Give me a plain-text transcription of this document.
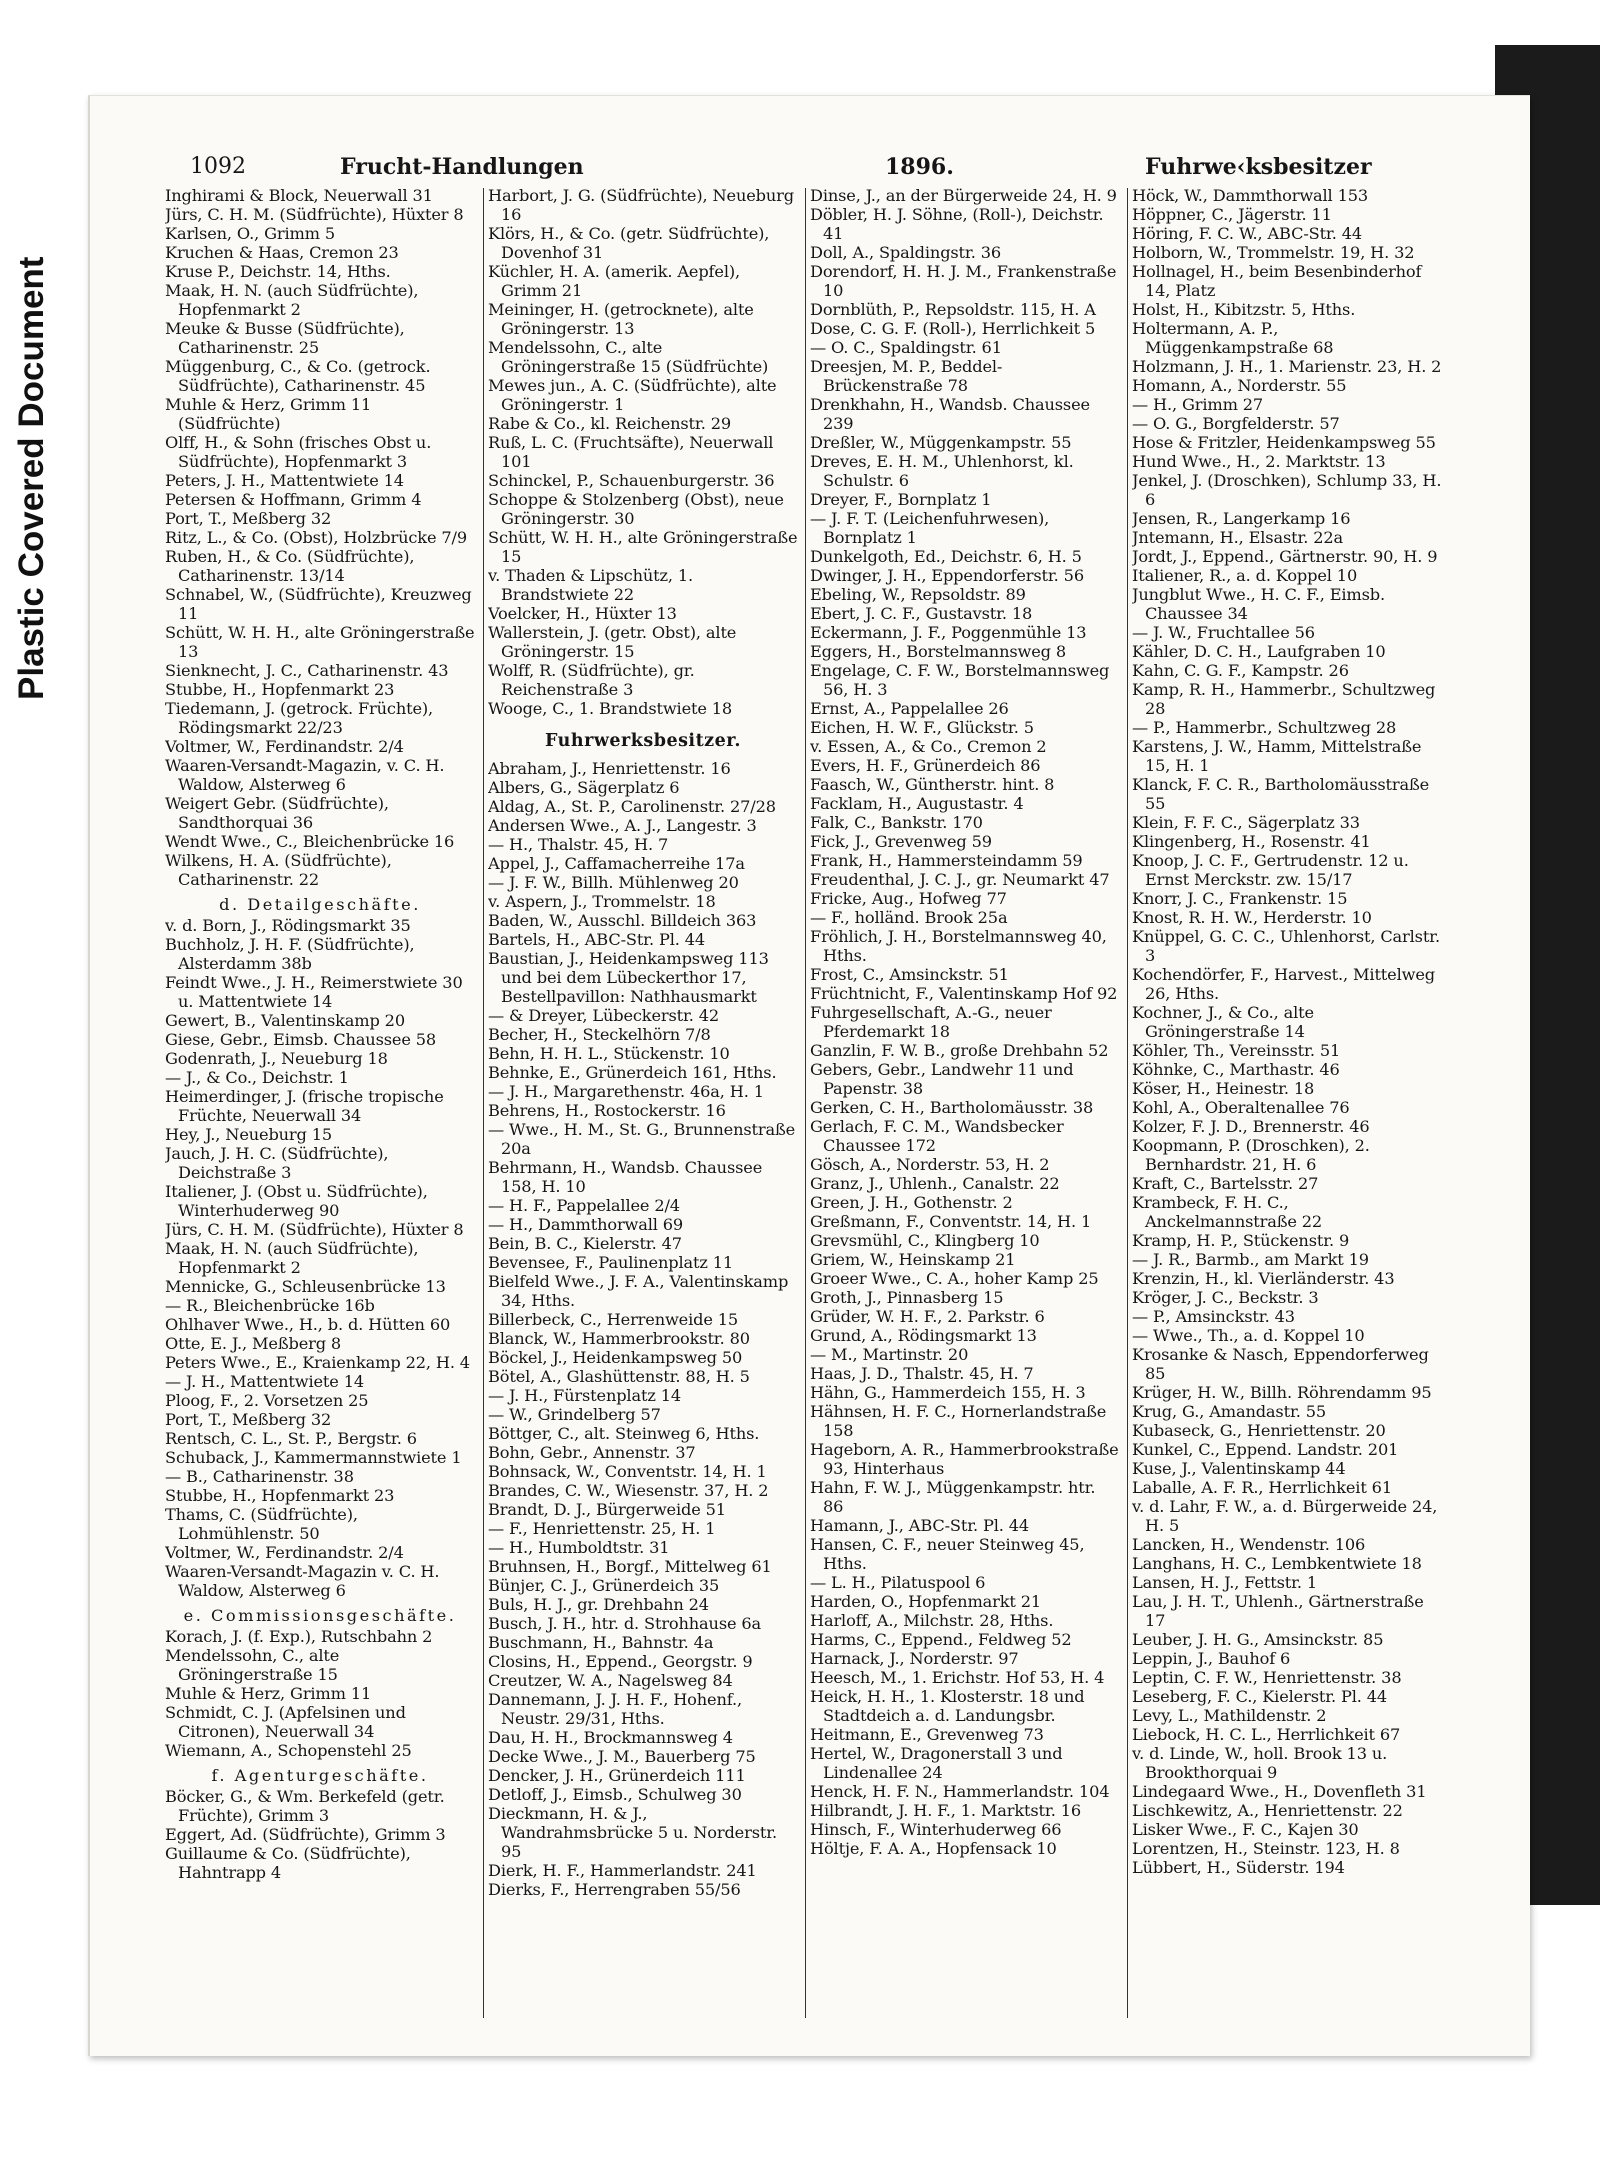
Plastic Covered Document
1092	Frucht-Handlungen	1896.	Fuhrwe‹ksbesitzer

Inghirami & Block, Neuerwall 31

Jürs, C. H. M. (Südfrüchte), Hüxter 8

Karlsen, O., Grimm 5

Kruchen & Haas, Cremon 23

Kruse P., Deichstr. 14, Hths.

Maak, H. N. (auch Südfrüchte), Hopfenmarkt 2

Meuke & Busse (Südfrüchte), Catharinenstr. 25

Müggenburg, C., & Co. (getrock. Südfrüchte), Catharinenstr. 45

Muhle & Herz, Grimm 11 (Südfrüchte)

Olff, H., & Sohn (frisches Obst u. Südfrüchte), Hopfenmarkt 3

Peters, J. H., Mattentwiete 14

Petersen & Hoffmann, Grimm 4

Port, T., Meßberg 32

Ritz, L., & Co. (Obst), Holzbrücke 7/9

Ruben, H., & Co. (Südfrüchte), Catharinenstr. 13/14

Schnabel, W., (Südfrüchte), Kreuzweg 11

Schütt, W. H. H., alte Gröningerstraße 13

Sienknecht, J. C., Catharinenstr. 43

Stubbe, H., Hopfenmarkt 23

Tiedemann, J. (getrock. Früchte), Rödingsmarkt 22/23

Voltmer, W., Ferdinandstr. 2/4

Waaren-Versandt-Magazin, v. C. H. Waldow, Alsterweg 6

Weigert Gebr. (Südfrüchte), Sandthorquai 36

Wendt Wwe., C., Bleichenbrücke 16

Wilkens, H. A. (Südfrüchte), Catharinenstr. 22

d. Detailgeschäfte.

v. d. Born, J., Rödingsmarkt 35

Buchholz, J. H. F. (Südfrüchte), Alsterdamm 38b

Feindt Wwe., J. H., Reimerstwiete 30 u. Mattentwiete 14

Gewert, B., Valentinskamp 20

Giese, Gebr., Eimsb. Chaussee 58

Godenrath, J., Neueburg 18

— J., & Co., Deichstr. 1

Heimerdinger, J. (frische tropische Früchte, Neuerwall 34

Hey, J., Neueburg 15

Jauch, J. H. C. (Südfrüchte), Deichstraße 3

Italiener, J. (Obst u. Südfrüchte), Winterhuderweg 90

Jürs, C. H. M. (Südfrüchte), Hüxter 8

Maak, H. N. (auch Südfrüchte), Hopfenmarkt 2

Mennicke, G., Schleusenbrücke 13

— R., Bleichenbrücke 16b

Ohlhaver Wwe., H., b. d. Hütten 60

Otte, E. J., Meßberg 8

Peters Wwe., E., Kraienkamp 22, H. 4

— J. H., Mattentwiete 14

Ploog, F., 2. Vorsetzen 25

Port, T., Meßberg 32

Rentsch, C. L., St. P., Bergstr. 6

Schuback, J., Kammermannstwiete 1

— B., Catharinenstr. 38

Stubbe, H., Hopfenmarkt 23

Thams, C. (Südfrüchte), Lohmühlenstr. 50

Voltmer, W., Ferdinandstr. 2/4

Waaren-Versandt-Magazin v. C. H. Waldow, Alsterweg 6

e. Commissionsgeschäfte.

Korach, J. (f. Exp.), Rutschbahn 2

Mendelssohn, C., alte Gröningerstraße 15

Muhle & Herz, Grimm 11

Schmidt, C. J. (Apfelsinen und Citronen), Neuerwall 34

Wiemann, A., Schopenstehl 25

f. Agenturgeschäfte.

Böcker, G., & Wm. Berkefeld (getr. Früchte), Grimm 3

Eggert, Ad. (Südfrüchte), Grimm 3

Guillaume & Co. (Südfrüchte), Hahntrapp 4

Harbort, J. G. (Südfrüchte), Neueburg 16

Klörs, H., & Co. (getr. Südfrüchte), Dovenhof 31

Küchler, H. A. (amerik. Aepfel), Grimm 21

Meininger, H. (getrocknete), alte Gröningerstr. 13

Mendelssohn, C., alte Gröningerstraße 15 (Südfrüchte)

Mewes jun., A. C. (Südfrüchte), alte Gröningerstr. 1

Rabe & Co., kl. Reichenstr. 29

Ruß, L. C. (Fruchtsäfte), Neuerwall 101

Schinckel, P., Schauenburgerstr. 36

Schoppe & Stolzenberg (Obst), neue Gröningerstr. 30

Schütt, W. H. H., alte Gröningerstraße 15

v. Thaden & Lipschütz, 1. Brandstwiete 22

Voelcker, H., Hüxter 13

Wallerstein, J. (getr. Obst), alte Gröningerstr. 15

Wolff, R. (Südfrüchte), gr. Reichenstraße 3

Wooge, C., 1. Brandstwiete 18

Fuhrwerksbesitzer.

Abraham, J., Henriettenstr. 16

Albers, G., Sägerplatz 6

Aldag, A., St. P., Carolinenstr. 27/28

Andersen Wwe., A. J., Langestr. 3

— H., Thalstr. 45, H. 7

Appel, J., Caffamacherreihe 17a

— J. F. W., Billh. Mühlenweg 20

v. Aspern, J., Trommelstr. 18

Baden, W., Ausschl. Billdeich 363

Bartels, H., ABC-Str. Pl. 44

Baustian, J., Heidenkampsweg 113 und bei dem Lübeckerthor 17, Bestellpavillon: Nathhausmarkt

— & Dreyer, Lübeckerstr. 42

Becher, H., Steckelhörn 7/8

Behn, H. H. L., Stückenstr. 10

Behnke, E., Grünerdeich 161, Hths.

— J. H., Margarethenstr. 46a, H. 1

Behrens, H., Rostockerstr. 16

— Wwe., H. M., St. G., Brunnenstraße 20a

Behrmann, H., Wandsb. Chaussee 158, H. 10

— H. F., Pappelallee 2/4

— H., Dammthorwall 69

Bein, B. C., Kielerstr. 47

Bevensee, F., Paulinenplatz 11

Bielfeld Wwe., J. F. A., Valentinskamp 34, Hths.

Billerbeck, C., Herrenweide 15

Blanck, W., Hammerbrookstr. 80

Böckel, J., Heidenkampsweg 50

Bötel, A., Glashüttenstr. 88, H. 5

— J. H., Fürstenplatz 14

— W., Grindelberg 57

Böttger, C., alt. Steinweg 6, Hths.

Bohn, Gebr., Annenstr. 37

Bohnsack, W., Conventstr. 14, H. 1

Brandes, C. W., Wiesenstr. 37, H. 2

Brandt, D. J., Bürgerweide 51

— F., Henriettenstr. 25, H. 1

— H., Humboldtstr. 31

Bruhnsen, H., Borgf., Mittelweg 61

Bünjer, C. J., Grünerdeich 35

Buls, H. J., gr. Drehbahn 24

Busch, J. H., htr. d. Strohhause 6a

Buschmann, H., Bahnstr. 4a

Closins, H., Eppend., Georgstr. 9

Creutzer, W. A., Nagelsweg 84

Dannemann, J. J. H. F., Hohenf., Neustr. 29/31, Hths.

Dau, H. H., Brockmannsweg 4

Decke Wwe., J. M., Bauerberg 75

Dencker, J. H., Grünerdeich 111

Detloff, J., Eimsb., Schulweg 30

Dieckmann, H. & J., Wandrahmsbrücke 5 u. Norderstr. 95

Dierk, H. F., Hammerlandstr. 241

Dierks, F., Herrengraben 55/56

Dinse, J., an der Bürgerweide 24, H. 9

Döbler, H. J. Söhne, (Roll-), Deichstr. 41

Doll, A., Spaldingstr. 36

Dorendorf, H. H. J. M., Frankenstraße 10

Dornblüth, P., Repsoldstr. 115, H. A

Dose, C. G. F. (Roll-), Herrlichkeit 5

— O. C., Spaldingstr. 61

Dreesjen, M. P., Beddel-Brückenstraße 78

Drenkhahn, H., Wandsb. Chaussee 239

Dreßler, W., Müggenkampstr. 55

Dreves, E. H. M., Uhlenhorst, kl. Schulstr. 6

Dreyer, F., Bornplatz 1

— J. F. T. (Leichenfuhrwesen), Bornplatz 1

Dunkelgoth, Ed., Deichstr. 6, H. 5

Dwinger, J. H., Eppendorferstr. 56

Ebeling, W., Repsoldstr. 89

Ebert, J. C. F., Gustavstr. 18

Eckermann, J. F., Poggenmühle 13

Eggers, H., Borstelmannsweg 8

Engelage, C. F. W., Borstelmannsweg 56, H. 3

Ernst, A., Pappelallee 26

Eichen, H. W. F., Glückstr. 5

v. Essen, A., & Co., Cremon 2

Evers, H. F., Grünerdeich 86

Faasch, W., Güntherstr. hint. 8

Facklam, H., Augustastr. 4

Falk, C., Bankstr. 170

Fick, J., Grevenweg 59

Frank, H., Hammersteindamm 59

Freudenthal, J. C. J., gr. Neumarkt 47

Fricke, Aug., Hofweg 77

— F., holländ. Brook 25a

Fröhlich, J. H., Borstelmannsweg 40, Hths.

Frost, C., Amsinckstr. 51

Früchtnicht, F., Valentinskamp Hof 92

Fuhrgesellschaft, A.-G., neuer Pferdemarkt 18

Ganzlin, F. W. B., große Drehbahn 52

Gebers, Gebr., Landwehr 11 und Papenstr. 38

Gerken, C. H., Bartholomäusstr. 38

Gerlach, F. C. M., Wandsbecker Chaussee 172

Gösch, A., Norderstr. 53, H. 2

Granz, J., Uhlenh., Canalstr. 22

Green, J. H., Gothenstr. 2

Greßmann, F., Conventstr. 14, H. 1

Grevsmühl, C., Klingberg 10

Griem, W., Heinskamp 21

Groeer Wwe., C. A., hoher Kamp 25

Groth, J., Pinnasberg 15

Grüder, W. H. F., 2. Parkstr. 6

Grund, A., Rödingsmarkt 13

— M., Martinstr. 20

Haas, J. D., Thalstr. 45, H. 7

Hähn, G., Hammerdeich 155, H. 3

Hähnsen, H. F. C., Hornerlandstraße 158

Hageborn, A. R., Hammerbrookstraße 93, Hinterhaus

Hahn, F. W. J., Müggenkampstr. htr. 86

Hamann, J., ABC-Str. Pl. 44

Hansen, C. F., neuer Steinweg 45, Hths.

— L. H., Pilatuspool 6

Harden, O., Hopfenmarkt 21

Harloff, A., Milchstr. 28, Hths.

Harms, C., Eppend., Feldweg 52

Harnack, J., Norderstr. 97

Heesch, M., 1. Erichstr. Hof 53, H. 4

Heick, H. H., 1. Klosterstr. 18 und Stadtdeich a. d. Landungsbr.

Heitmann, E., Grevenweg 73

Hertel, W., Dragonerstall 3 und Lindenallee 24

Henck, H. F. N., Hammerlandstr. 104

Hilbrandt, J. H. F., 1. Marktstr. 16

Hinsch, F., Winterhuderweg 66

Höltje, F. A. A., Hopfensack 10

Höck, W., Dammthorwall 153

Höppner, C., Jägerstr. 11

Höring, F. C. W., ABC-Str. 44

Holborn, W., Trommelstr. 19, H. 32

Hollnagel, H., beim Besenbinderhof 14, Platz

Holst, H., Kibitzstr. 5, Hths.

Holtermann, A. P., Müggenkampstraße 68

Holzmann, J. H., 1. Marienstr. 23, H. 2

Homann, A., Norderstr. 55

— H., Grimm 27

— O. G., Borgfelderstr. 57

Hose & Fritzler, Heidenkampsweg 55

Hund Wwe., H., 2. Marktstr. 13

Jenkel, J. (Droschken), Schlump 33, H. 6

Jensen, R., Langerkamp 16

Jntemann, H., Elsastr. 22a

Jordt, J., Eppend., Gärtnerstr. 90, H. 9

Italiener, R., a. d. Koppel 10

Jungblut Wwe., H. C. F., Eimsb. Chaussee 34

— J. W., Fruchtallee 56

Kähler, D. C. H., Laufgraben 10

Kahn, C. G. F., Kampstr. 26

Kamp, R. H., Hammerbr., Schultzweg 28

— P., Hammerbr., Schultzweg 28

Karstens, J. W., Hamm, Mittelstraße 15, H. 1

Klanck, F. C. R., Bartholomäusstraße 55

Klein, F. F. C., Sägerplatz 33

Klingenberg, H., Rosenstr. 41

Knoop, J. C. F., Gertrudenstr. 12 u. Ernst Merckstr. zw. 15/17

Knorr, J. C., Frankenstr. 15

Knost, R. H. W., Herderstr. 10

Knüppel, G. C. C., Uhlenhorst, Carlstr. 3

Kochendörfer, F., Harvest., Mittelweg 26, Hths.

Kochner, J., & Co., alte Gröningerstraße 14

Köhler, Th., Vereinsstr. 51

Köhnke, C., Marthastr. 46

Köser, H., Heinestr. 18

Kohl, A., Oberaltenallee 76

Kolzer, F. J. D., Brennerstr. 46

Koopmann, P. (Droschken), 2. Bernhardstr. 21, H. 6

Kraft, C., Bartelsstr. 27

Krambeck, F. H. C., Anckelmannstraße 22

Kramp, H. P., Stückenstr. 9

— J. R., Barmb., am Markt 19

Krenzin, H., kl. Vierländerstr. 43

Kröger, J. C., Beckstr. 3

— P., Amsinckstr. 43

— Wwe., Th., a. d. Koppel 10

Krosanke & Nasch, Eppendorferweg 85

Krüger, H. W., Billh. Röhrendamm 95

Krug, G., Amandastr. 55

Kubaseck, G., Henriettenstr. 20

Kunkel, C., Eppend. Landstr. 201

Kuse, J., Valentinskamp 44

Laballe, A. F. R., Herrlichkeit 61

v. d. Lahr, F. W., a. d. Bürgerweide 24, H. 5

Lancken, H., Wendenstr. 106

Langhans, H. C., Lembkentwiete 18

Lansen, H. J., Fettstr. 1

Lau, J. H. T., Uhlenh., Gärtnerstraße 17

Leuber, J. H. G., Amsinckstr. 85

Leppin, J., Bauhof 6

Leptin, C. F. W., Henriettenstr. 38

Leseberg, F. C., Kielerstr. Pl. 44

Levy, L., Mathildenstr. 2

Liebock, H. C. L., Herrlichkeit 67

v. d. Linde, W., holl. Brook 13 u. Brookthorquai 9

Lindegaard Wwe., H., Dovenfleth 31

Lischkewitz, A., Henriettenstr. 22

Lisker Wwe., F. C., Kajen 30

Lorentzen, H., Steinstr. 123, H. 8

Lübbert, H., Süderstr. 194
